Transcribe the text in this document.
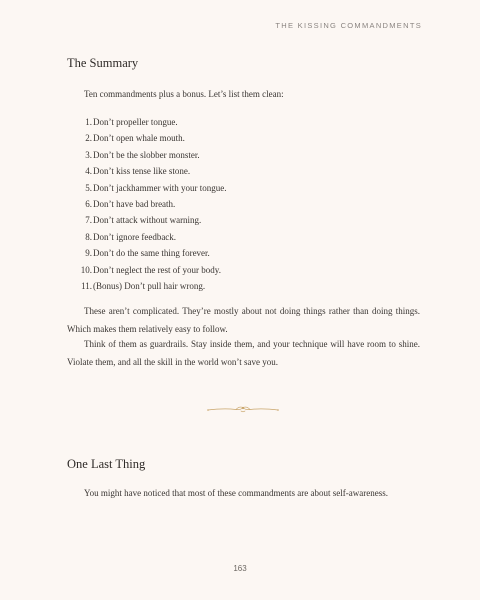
THE KISSING COMMANDMENTS
The Summary

Ten commandments plus a bonus. Let’s list them clean:

1. Don’t propeller tongue.
2. Don’t open whale mouth.
3. Don’t be the slobber monster.
4. Don’t kiss tense like stone.
5. Don’t jackhammer with your tongue.
6. Don’t have bad breath.
7. Don’t attack without warning.
8. Don’t ignore feedback.
9. Don’t do the same thing forever.
10. Don’t neglect the rest of your body.
11. (Bonus) Don’t pull hair wrong.

These aren’t complicated. They’re mostly about not doing things rather than doing things. Which makes them relatively easy to follow.

Think of them as guardrails. Stay inside them, and your technique will have room to shine. Violate them, and all the skill in the world won’t save you.

One Last Thing

You might have noticed that most of these commandments are about self-awareness.

163
